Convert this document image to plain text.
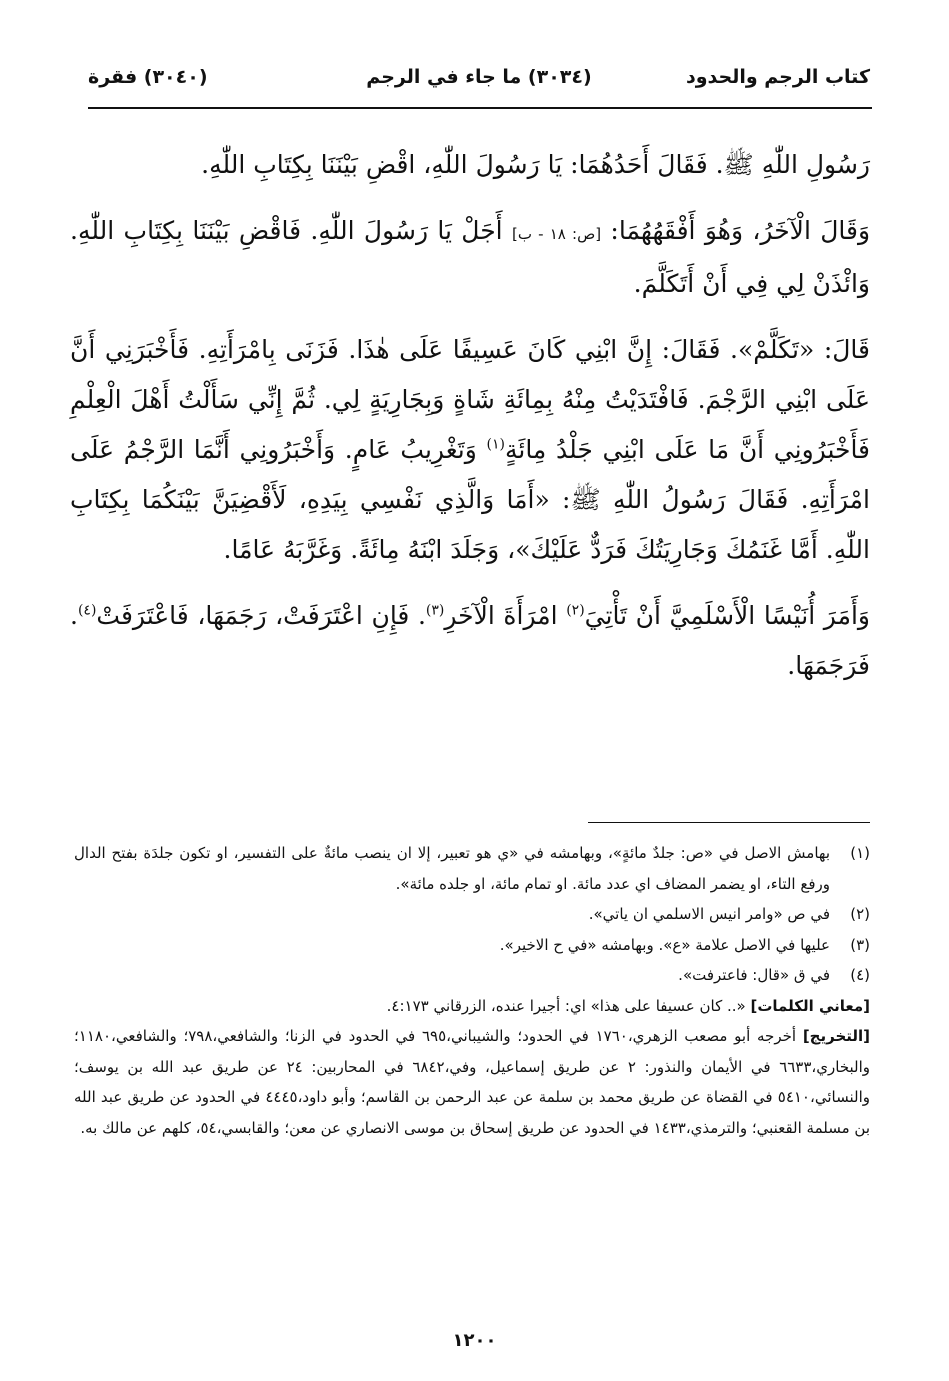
كتاب الرجم والحدود
(٣٠٣٤) ما جاء في الرجم
(٣٠٤٠) فقرة

رَسُولِ اللّٰهِ ﷺ. فَقَالَ أَحَدُهُمَا: يَا رَسُولَ اللّٰهِ، اقْضِ بَيْنَنَا بِكِتَابِ اللّٰهِ.

وَقَالَ الْآخَرُ، وَهُوَ أَفْقَهُهُمَا: [ص: ١٨ - ب] أَجَلْ يَا رَسُولَ اللّٰهِ. فَاقْضِ بَيْنَنَا بِكِتَابِ اللّٰهِ. وَائْذَنْ لِي فِي أَنْ أَتَكَلَّمَ.

قَالَ: «تَكَلَّمْ». فَقَالَ: إِنَّ ابْنِي كَانَ عَسِيفًا عَلَى هٰذَا. فَزَنَى بِامْرَأَتِهِ. فَأَخْبَرَنِي أَنَّ عَلَى ابْنِي الرَّجْمَ. فَافْتَدَيْتُ مِنْهُ بِمِائَةِ شَاةٍ وَبِجَارِيَةٍ لِي. ثُمَّ إِنِّي سَأَلْتُ أَهْلَ الْعِلْمِ فَأَخْبَرُونِي أَنَّ مَا عَلَى ابْنِي جَلْدُ مِائَةٍ$^{(١)}$ وَتَغْرِيبُ عَامٍ. وَأَخْبَرُونِي أَنَّمَا الرَّجْمُ عَلَى امْرَأَتِهِ. فَقَالَ رَسُولُ اللّٰهِ ﷺ: «أَمَا وَالَّذِي نَفْسِي بِيَدِهِ، لَأَقْضِيَنَّ بَيْنَكُمَا بِكِتَابِ اللّٰهِ. أَمَّا غَنَمُكَ وَجَارِيَتُكَ فَرَدٌّ عَلَيْكَ»، وَجَلَدَ ابْنَهُ مِائَةً. وَغَرَّبَهُ عَامًا.

وَأَمَرَ أُنَيْسًا الْأَسْلَمِيَّ أَنْ تَأْتِيَ$^{(٢)}$ امْرَأَةَ الْآخَرِ$^{(٣)}$. فَإِنِ اعْتَرَفَتْ، رَجَمَهَا، فَاعْتَرَفَتْ$^{(٤)}$. فَرَجَمَهَا.

(١)بهامش الاصل في «ص: جلدٌ مائةٍ»، وبهامشه في «ي هو تعبير، إلا ان ينصب مائةٌ على التفسير، او تكون جلدَة بفتح الدال ورفع التاء، او يضمر المضاف اي عدد مائة. او تمام مائة، او جلده مائة».

(٢)في ص «وامر انيس الاسلمي ان ياتي».

(٣)عليها في الاصل علامة «ع». وبهامشه «في ح الاخير».

(٤)في ق «قال: فاعترفت».

[معاني الكلمات] «.. كان عسيفا على هذا» اي: أجيرا عنده، الزرقاني ٤:١٧٣.

[التخريج] أخرجه أبو مصعب الزهري،١٧٦٠ في الحدود؛ والشيباني،٦٩٥ في الحدود في الزنا؛ والشافعي،٧٩٨؛ والشافعي،١١٨٠؛ والبخاري،٦٦٣٣ في الأيمان والنذور: ٢ عن طريق إسماعيل، وفي،٦٨٤٢ في المحاربين: ٢٤ عن طريق عبد الله بن يوسف؛ والنسائي،٥٤١٠ في القضاة عن طريق محمد بن سلمة عن عبد الرحمن بن القاسم؛ وأبو داود،٤٤٤٥ في الحدود عن طريق عبد الله بن مسلمة القعنبي؛ والترمذي،١٤٣٣ في الحدود عن طريق إسحاق بن موسى الانصاري عن معن؛ والقابسي،٥٤، كلهم عن مالك به.

١٢٠٠
